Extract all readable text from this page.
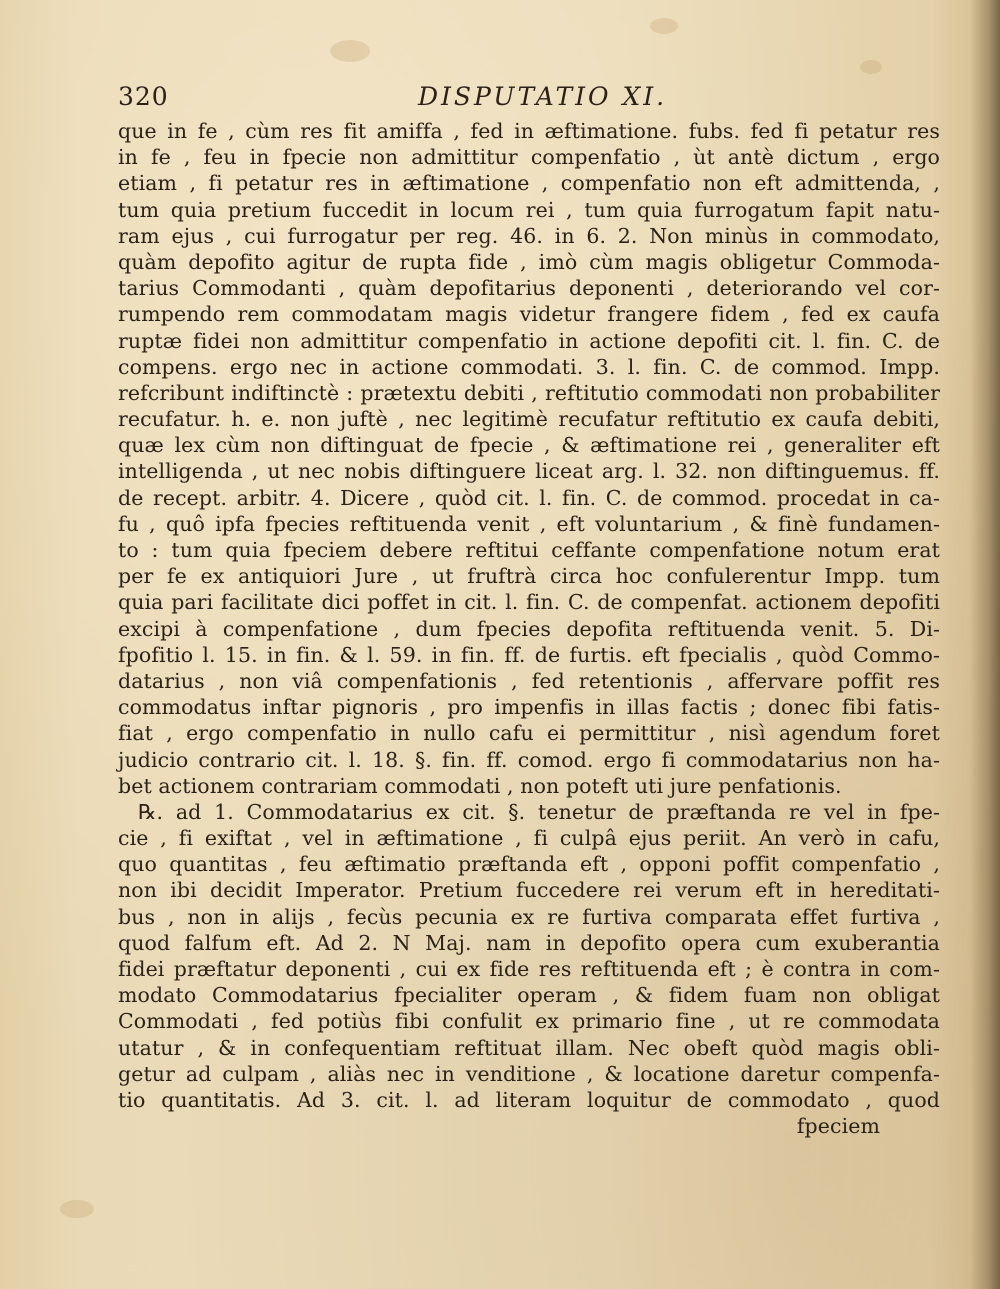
320	DISPUTATIO XI.
que in fe , cùm res fit amiffa , fed in æftimatione. fubs. fed fi petatur res
in fe , feu in fpecie non admittitur compenfatio , ùt antè dictum , ergo
etiam , fi petatur res in æftimatione , compenfatio non eft admittenda, ,
tum quia pretium fuccedit in locum rei , tum quia furrogatum fapit natu-
ram ejus , cui furrogatur per reg. 46. in 6. 2. Non minùs in commodato,
quàm depofito agitur de rupta fide , imò cùm magis obligetur Commoda-
tarius Commodanti , quàm depofitarius deponenti , deteriorando vel cor-
rumpendo rem commodatam magis videtur frangere fidem , fed ex caufa
ruptæ fidei non admittitur compenfatio in actione depofiti cit. l. fin. C. de
compens. ergo nec in actione commodati. 3. l. fin. C. de commod. Impp.
refcribunt indiftinctè : prætextu debiti , reftitutio commodati non probabiliter
recufatur. h. e. non juftè , nec legitimè recufatur reftitutio ex caufa debiti,
quæ lex cùm non diftinguat de fpecie , & æftimatione rei , generaliter eft
intelligenda , ut nec nobis diftinguere liceat arg. l. 32. non diftinguemus. ff.
de recept. arbitr. 4. Dicere , quòd cit. l. fin. C. de commod. procedat in ca-
fu , quô ipfa fpecies reftituenda venit , eft voluntarium , & finè fundamen-
to : tum quia fpeciem debere reftitui ceffante compenfatione notum erat
per fe ex antiquiori Jure , ut fruftrà circa hoc confulerentur Impp. tum
quia pari facilitate dici poffet in cit. l. fin. C. de compenfat. actionem depofiti
excipi à compenfatione , dum fpecies depofita reftituenda venit. 5. Di-
fpofitio l. 15. in fin. & l. 59. in fin. ff. de furtis. eft fpecialis , quòd Commo-
datarius , non viâ compenfationis , fed retentionis , affervare poffit res
commodatus inftar pignoris , pro impenfis in illas factis ; donec fibi fatis-
fiat , ergo compenfatio in nullo cafu ei permittitur , nisì agendum foret
judicio contrario cit. l. 18. §. fin. ff. comod. ergo fi commodatarius non ha-
bet actionem contrariam commodati , non poteft uti jure penfationis.
℞. ad 1. Commodatarius ex cit. §. tenetur de præftanda re vel in fpe-
cie , fi exiftat , vel in æftimatione , fi culpâ ejus periit. An verò in cafu,
quo quantitas , feu æftimatio præftanda eft , opponi poffit compenfatio ,
non ibi decidit Imperator. Pretium fuccedere rei verum eft in hereditati-
bus , non in alijs , fecùs pecunia ex re furtiva comparata effet furtiva ,
quod falfum eft. Ad 2. N Maj. nam in depofito opera cum exuberantia
fidei præftatur deponenti , cui ex fide res reftituenda eft ; è contra in com-
modato Commodatarius fpecialiter operam , & fidem fuam non obligat
Commodati , fed potiùs fibi confulit ex primario fine , ut re commodata
utatur , & in confequentiam reftituat illam. Nec obeft quòd magis obli-
getur ad culpam , aliàs nec in venditione , & locatione daretur compenfa-
tio quantitatis. Ad 3. cit. l. ad literam loquitur de commodato , quod
fpeciem
